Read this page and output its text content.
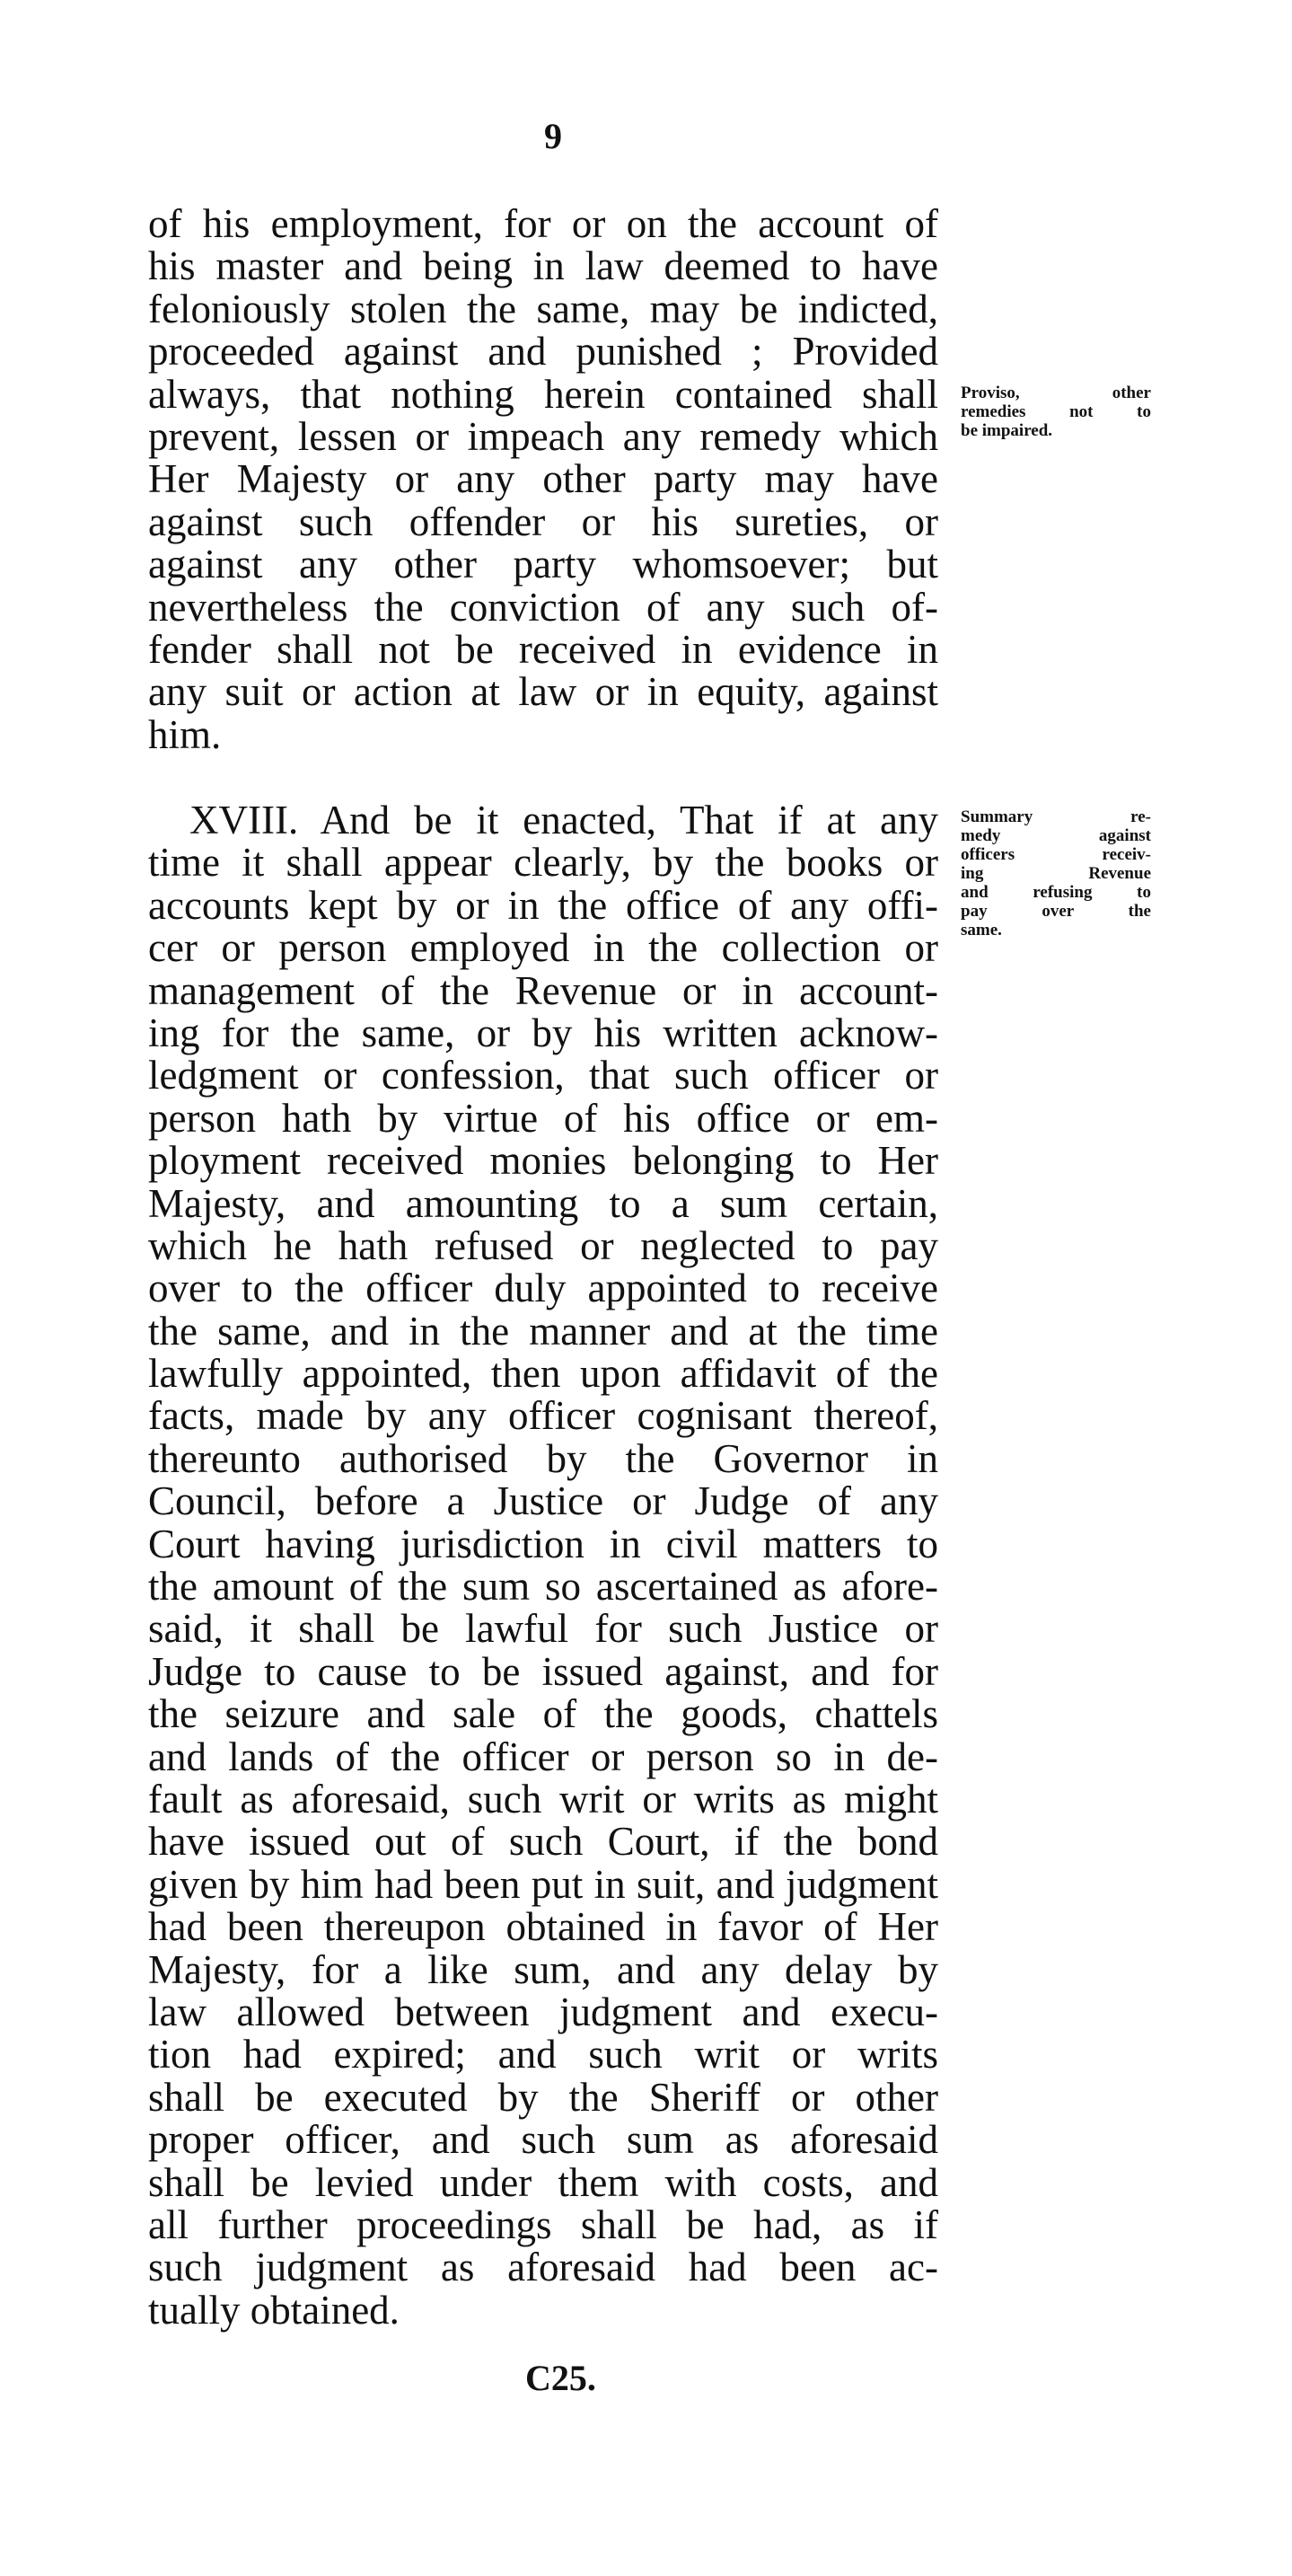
9
of his employment, for or on the account of
his master and being in law deemed to have
feloniously stolen the same, may be indicted,
proceeded against and punished ; Provided
always, that nothing herein contained shall
prevent, lessen or impeach any remedy which
Her Majesty or any other party may have
against such offender or his sureties, or
against any other party whomsoever; but
nevertheless the conviction of any such of-
fender shall not be received in evidence in
any suit or action at law or in equity, against
him.
Proviso, other
remedies not to
be impaired.
XVIII. And be it enacted, That if at any
time it shall appear clearly, by the books or
accounts kept by or in the office of any offi-
cer or person employed in the collection or
management of the Revenue or in account-
ing for the same, or by his written acknow-
ledgment or confession, that such officer or
person hath by virtue of his office or em-
ployment received monies belonging to Her
Majesty, and amounting to a sum certain,
which he hath refused or neglected to pay
over to the officer duly appointed to receive
the same, and in the manner and at the time
lawfully appointed, then upon affidavit of the
facts, made by any officer cognisant thereof,
thereunto authorised by the Governor in
Council, before a Justice or Judge of any
Court having jurisdiction in civil matters to
the amount of the sum so ascertained as afore-
said, it shall be lawful for such Justice or
Judge to cause to be issued against, and for
the seizure and sale of the goods, chattels
and lands of the officer or person so in de-
fault as aforesaid, such writ or writs as might
have issued out of such Court, if the bond
given by him had been put in suit, and judgment
had been thereupon obtained in favor of Her
Majesty, for a like sum, and any delay by
law allowed between judgment and execu-
tion had expired; and such writ or writs
shall be executed by the Sheriff or other
proper officer, and such sum as aforesaid
shall be levied under them with costs, and
all further proceedings shall be had, as if
such judgment as aforesaid had been ac-
tually obtained.
Summary re-
medy against
officers receiv-
ing Revenue
and refusing to
pay over the
same.
C25.
